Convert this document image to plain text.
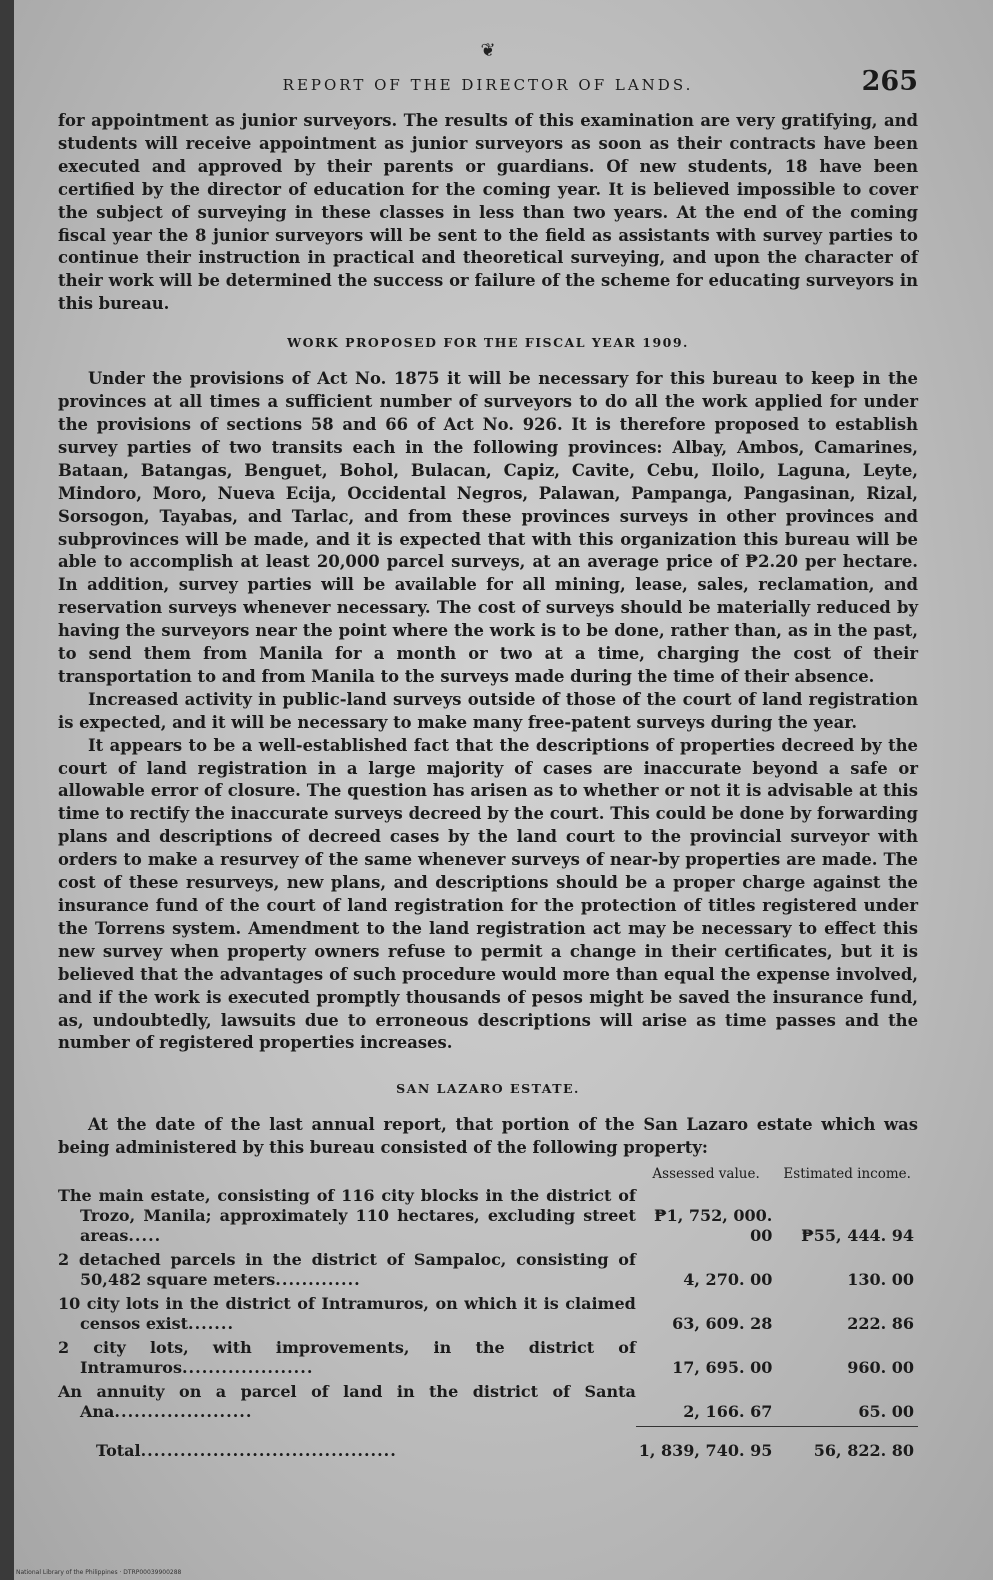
❦
REPORT OF THE DIRECTOR OF LANDS.	265

for appointment as junior surveyors. The results of this examination are very gratifying, and students will receive appointment as junior surveyors as soon as their contracts have been executed and approved by their parents or guardians. Of new students, 18 have been certified by the director of education for the coming year. It is believed impossible to cover the subject of surveying in these classes in less than two years. At the end of the coming fiscal year the 8 junior surveyors will be sent to the field as assistants with survey parties to continue their instruction in practical and theoretical surveying, and upon the character of their work will be determined the success or failure of the scheme for educating surveyors in this bureau.

WORK PROPOSED FOR THE FISCAL YEAR 1909.

Under the provisions of Act No. 1875 it will be necessary for this bureau to keep in the provinces at all times a sufficient number of surveyors to do all the work applied for under the provisions of sections 58 and 66 of Act No. 926. It is therefore proposed to establish survey parties of two transits each in the following provinces: Albay, Ambos, Camarines, Bataan, Batangas, Benguet, Bohol, Bulacan, Capiz, Cavite, Cebu, Iloilo, Laguna, Leyte, Mindoro, Moro, Nueva Ecija, Occidental Negros, Palawan, Pampanga, Pangasinan, Rizal, Sorsogon, Tayabas, and Tarlac, and from these provinces surveys in other provinces and subprovinces will be made, and it is expected that with this organization this bureau will be able to accomplish at least 20,000 parcel surveys, at an average price of ₱2.20 per hectare. In addition, survey parties will be available for all mining, lease, sales, reclamation, and reservation surveys whenever necessary. The cost of surveys should be materially reduced by having the surveyors near the point where the work is to be done, rather than, as in the past, to send them from Manila for a month or two at a time, charging the cost of their transportation to and from Manila to the surveys made during the time of their absence.

Increased activity in public-land surveys outside of those of the court of land registration is expected, and it will be necessary to make many free-patent surveys during the year.

It appears to be a well-established fact that the descriptions of properties decreed by the court of land registration in a large majority of cases are inaccurate beyond a safe or allowable error of closure. The question has arisen as to whether or not it is advisable at this time to rectify the inaccurate surveys decreed by the court. This could be done by forwarding plans and descriptions of decreed cases by the land court to the provincial surveyor with orders to make a resurvey of the same whenever surveys of near-by properties are made. The cost of these resurveys, new plans, and descriptions should be a proper charge against the insurance fund of the court of land registration for the protection of titles registered under the Torrens system. Amendment to the land registration act may be necessary to effect this new survey when property owners refuse to permit a change in their certificates, but it is believed that the advantages of such procedure would more than equal the expense involved, and if the work is executed promptly thousands of pesos might be saved the insurance fund, as, undoubtedly, lawsuits due to erroneous descriptions will arise as time passes and the number of registered properties increases.

SAN LAZARO ESTATE.

At the date of the last annual report, that portion of the San Lazaro estate which was being administered by this bureau consisted of the following property:

	Assessed value.	Estimated income.
The main estate, consisting of 116 city blocks in the district of Trozo, Manila; approximately 110 hectares, excluding street areas.....	₱1, 752, 000. 00	₱55, 444. 94
2 detached parcels in the district of Sampaloc, consisting of 50,482 square meters.............	4, 270. 00	130. 00
10 city lots in the district of Intramuros, on which it is claimed censos exist.......	63, 609. 28	222. 86
2 city lots, with improvements, in the district of Intramuros....................	17, 695. 00	960. 00
An annuity on a parcel of land in the district of Santa Ana.....................	2, 166. 67	65. 00
Total.......................................	1, 839, 740. 95	56, 822. 80
National Library of the Philippines · DTRP00039900288
